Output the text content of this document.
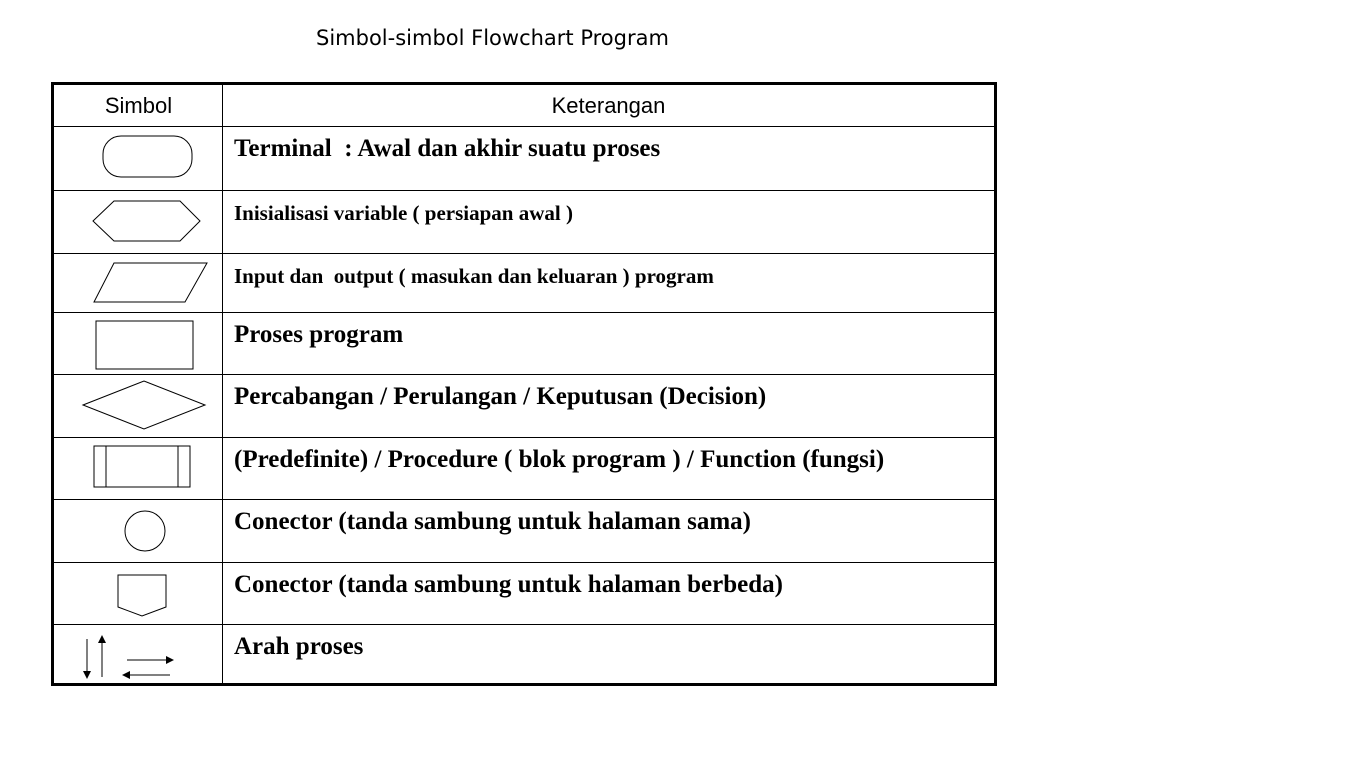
Simbol-simbol Flowchart Program
Simbol	Keterangan
Terminal  : Awal dan akhir suatu proses
Inisialisasi variable ( persiapan awal )
Input dan  output ( masukan dan keluaran ) program
Proses program
Percabangan / Perulangan / Keputusan (Decision)
(Predefinite) / Procedure ( blok program ) / Function (fungsi)
Conector (tanda sambung untuk halaman sama)
Conector (tanda sambung untuk halaman berbeda)
Arah proses
